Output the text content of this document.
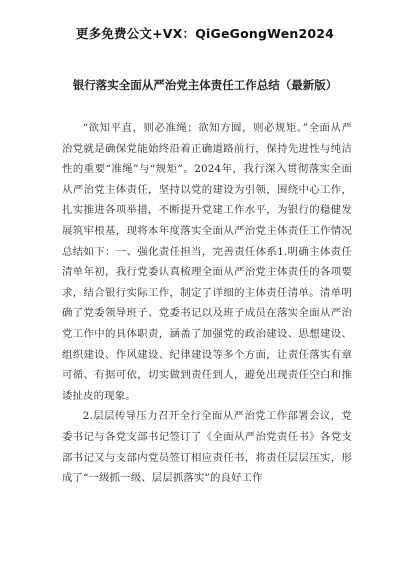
更多免费公文+VX：QiGeGongWen2024
银行落实全面从严治党主体责任工作总结（最新版）

“欲知平直，则必准绳；欲知方圆，则必规矩。”全面从严治党就是确保党能始终沿着正确道路前行，保持先进性与纯洁性的重要“准绳”与“规矩”。2024年，我行深入贯彻落实全面从严治党主体责任，坚持以党的建设为引领，围绕中心工作，扎实推进各项举措，不断提升党建工作水平，为银行的稳健发展筑牢根基，现将本年度落实全面从严治党主体责任工作情况总结如下：一、强化责任担当，完善责任体系1.明确主体责任清单年初，我行党委认真梳理全面从严治党主体责任的各项要求，结合银行实际工作，制定了详细的主体责任清单。清单明确了党委领导班子、党委书记以及班子成员在落实全面从严治党工作中的具体职责，涵盖了加强党的政治建设、思想建设、组织建设、作风建设、纪律建设等多个方面，让责任落实有章可循、有据可依，切实做到责任到人，避免出现责任空白和推诿扯皮的现象。

2.层层传导压力召开全行全面从严治党工作部署会议，党委书记与各党支部书记签订了《全面从严治党责任书》各党支部书记又与支部内党员签订相应责任书，将责任层层压实，形成了“一级抓一级、层层抓落实”的良好工作
